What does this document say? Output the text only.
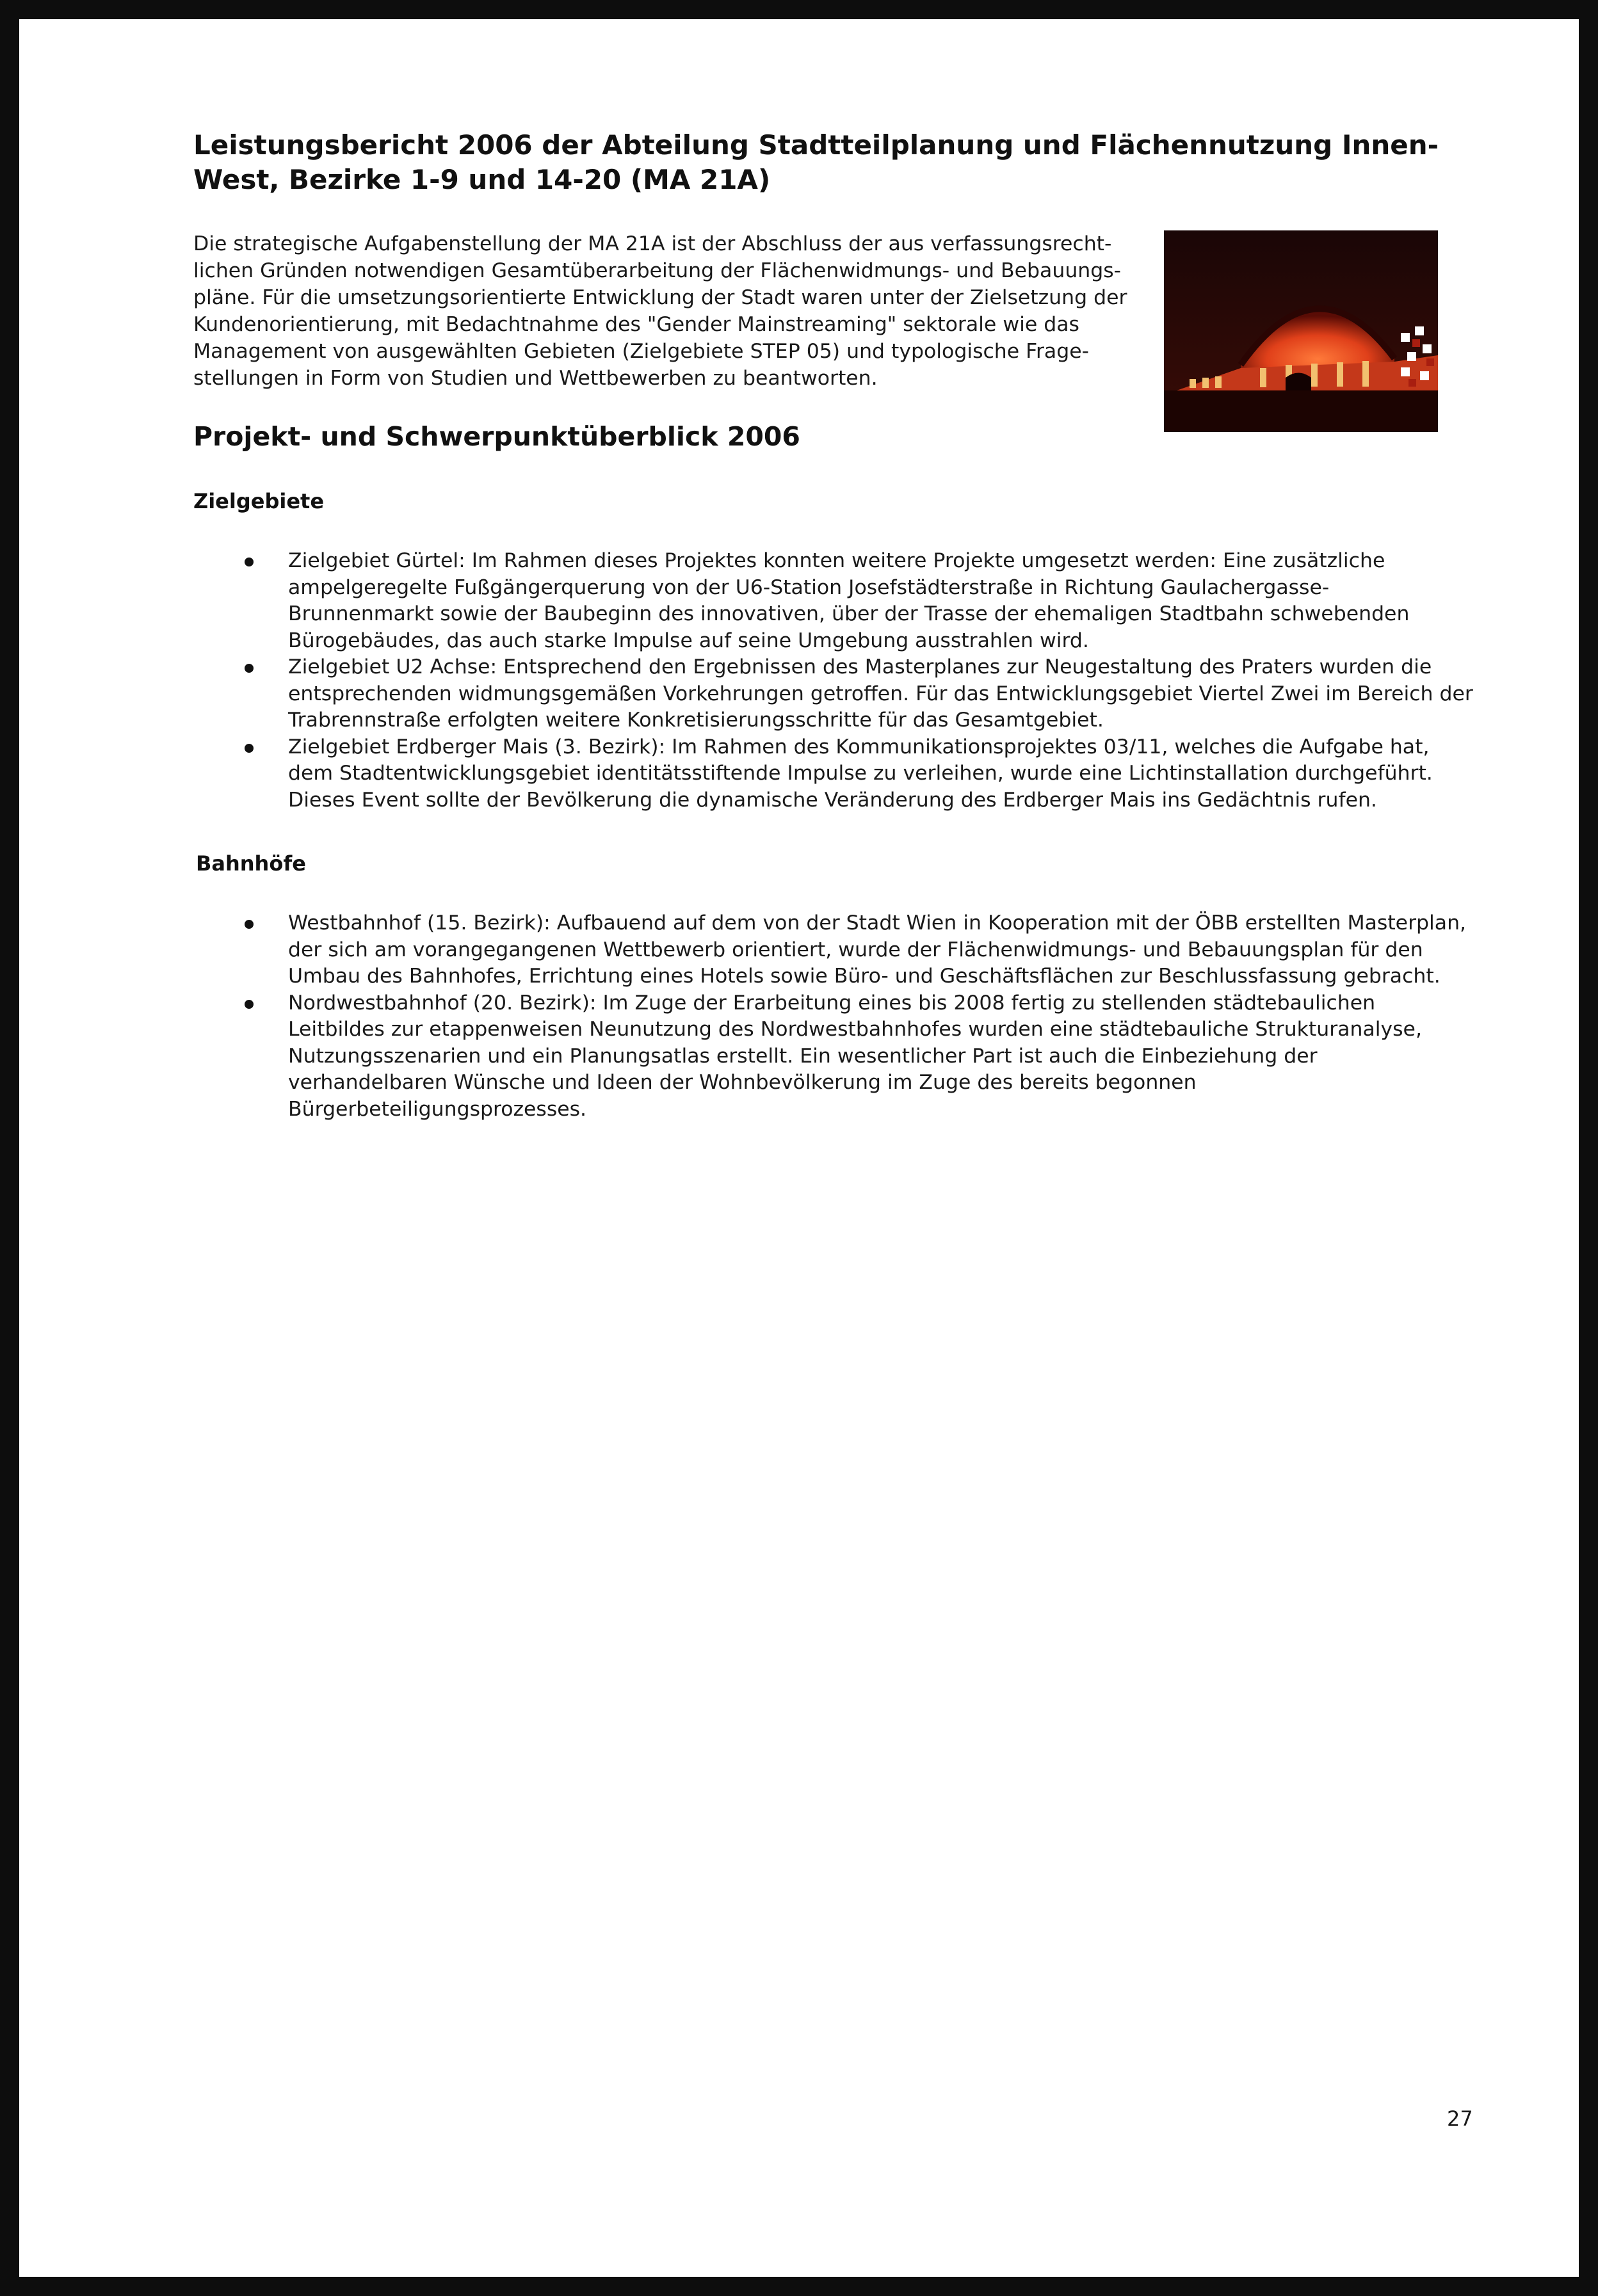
Leistungsbericht 2006 der Abteilung Stadtteilplanung und Flächennutzung Innen-West, Bezirke 1-9 und 14-20 (MA 21A)

Die strategische Aufgabenstellung der MA 21A ist der Abschluss der aus verfassungsrecht-lichen Gründen notwendigen Gesamtüberarbeitung der Flächenwidmungs- und Bebauungs-pläne. Für die umsetzungsorientierte Entwicklung der Stadt waren unter der Zielsetzung der Kundenorientierung, mit Bedachtnahme des "Gender Mainstreaming" sektorale wie das Management von ausgewählten Gebieten (Zielgebiete STEP 05) und typologische Frage-stellungen in Form von Studien und Wettbewerben zu beantworten.

Projekt- und Schwerpunktüberblick 2006
Zielgebiete
Zielgebiet Gürtel: Im Rahmen dieses Projektes konnten weitere Projekte umgesetzt werden: Eine zusätzliche ampelgeregelte Fußgängerquerung von der U6-Station Josefstädterstraße in Richtung Gaulachergasse-Brunnenmarkt sowie der Baubeginn des innovativen, über der Trasse der ehemaligen Stadtbahn schwebenden Bürogebäudes, das auch starke Impulse auf seine Umgebung ausstrahlen wird.
Zielgebiet U2 Achse: Entsprechend den Ergebnissen des Masterplanes zur Neugestaltung des Praters wurden die entsprechenden widmungsgemäßen Vorkehrungen getroffen. Für das Entwicklungsgebiet Viertel Zwei im Bereich der Trabrennstraße erfolgten weitere Konkretisierungsschritte für das Gesamtgebiet.
Zielgebiet Erdberger Mais (3. Bezirk): Im Rahmen des Kommunikationsprojektes 03/11, welches die Aufgabe hat, dem Stadtentwicklungsgebiet identitätsstiftende Impulse zu verleihen, wurde eine Lichtinstallation durchgeführt. Dieses Event sollte der Bevölkerung die dynamische Veränderung des Erdberger Mais ins Gedächtnis rufen.
Bahnhöfe
Westbahnhof (15. Bezirk): Aufbauend auf dem von der Stadt Wien in Kooperation mit der ÖBB erstellten Masterplan, der sich am vorangegangenen Wettbewerb orientiert, wurde der Flächenwidmungs- und Bebauungsplan für den Umbau des Bahnhofes, Errichtung eines Hotels sowie Büro- und Geschäftsflächen zur Beschlussfassung gebracht.
Nordwestbahnhof (20. Bezirk): Im Zuge der Erarbeitung eines bis 2008 fertig zu stellenden städtebaulichen Leitbildes zur etappenweisen Neunutzung des Nordwestbahnhofes wurden eine städtebauliche Strukturanalyse, Nutzungsszenarien und ein Planungsatlas erstellt. Ein wesentlicher Part ist auch die Einbeziehung der verhandelbaren Wünsche und Ideen der Wohnbevölkerung im Zuge des bereits begonnen Bürgerbeteiligungsprozesses.
27
